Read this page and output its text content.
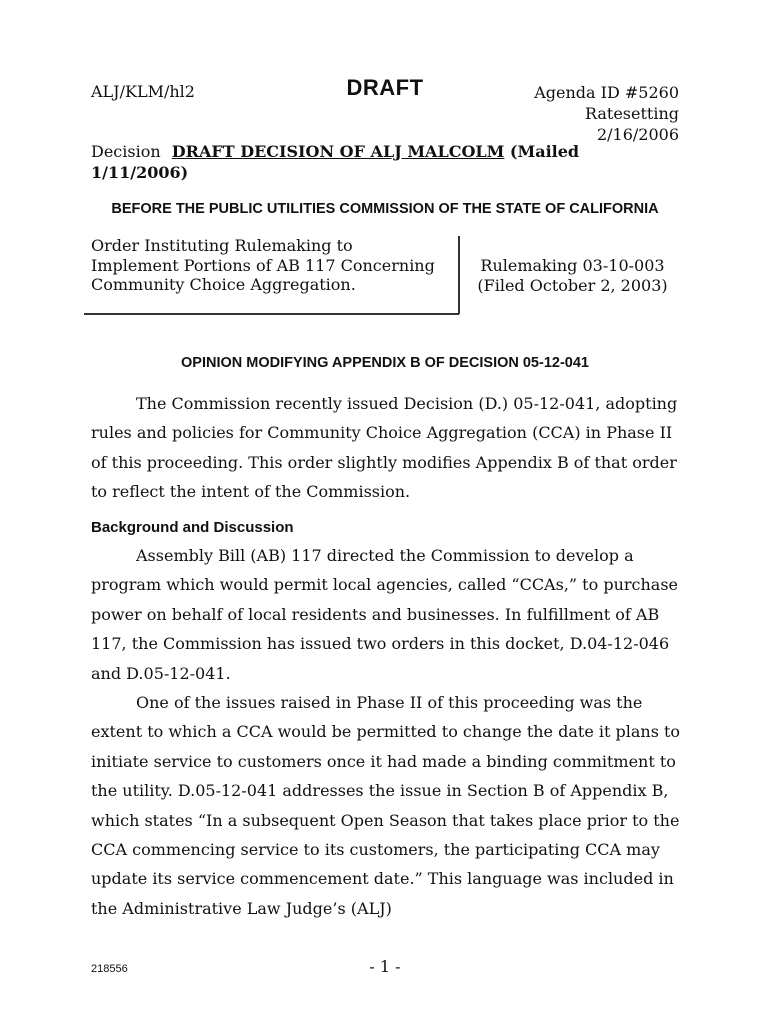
ALJ/KLM/hl2	DRAFT	Agenda ID #5260
Ratesetting
2/16/2006
Decision DRAFT DECISION OF ALJ MALCOLM (Mailed 1/11/2006)
BEFORE THE PUBLIC UTILITIES COMMISSION OF THE STATE OF CALIFORNIA
Order Instituting Rulemaking to
Implement Portions of AB 117 Concerning
Community Choice Aggregation.
Rulemaking 03-10-003
(Filed October 2, 2003)
OPINION MODIFYING APPENDIX B OF DECISION 05-12-041

The Commission recently issued Decision (D.) 05-12-041, adopting rules and policies for Community Choice Aggregation (CCA) in Phase II of this proceeding. This order slightly modifies Appendix B of that order to reflect the intent of the Commission.

Background and Discussion

Assembly Bill (AB) 117 directed the Commission to develop a program which would permit local agencies, called “CCAs,” to purchase power on behalf of local residents and businesses. In fulfillment of AB 117, the Commission has issued two orders in this docket, D.04-12-046 and D.05-12-041.

One of the issues raised in Phase II of this proceeding was the extent to which a CCA would be permitted to change the date it plans to initiate service to customers once it had made a binding commitment to the utility. D.05-12-041 addresses the issue in Section B of Appendix B, which states “In a subsequent Open Season that takes place prior to the CCA commencing service to its customers, the participating CCA may update its service commencement date.” This language was included in the Administrative Law Judge’s (ALJ)

218556	- 1 -
